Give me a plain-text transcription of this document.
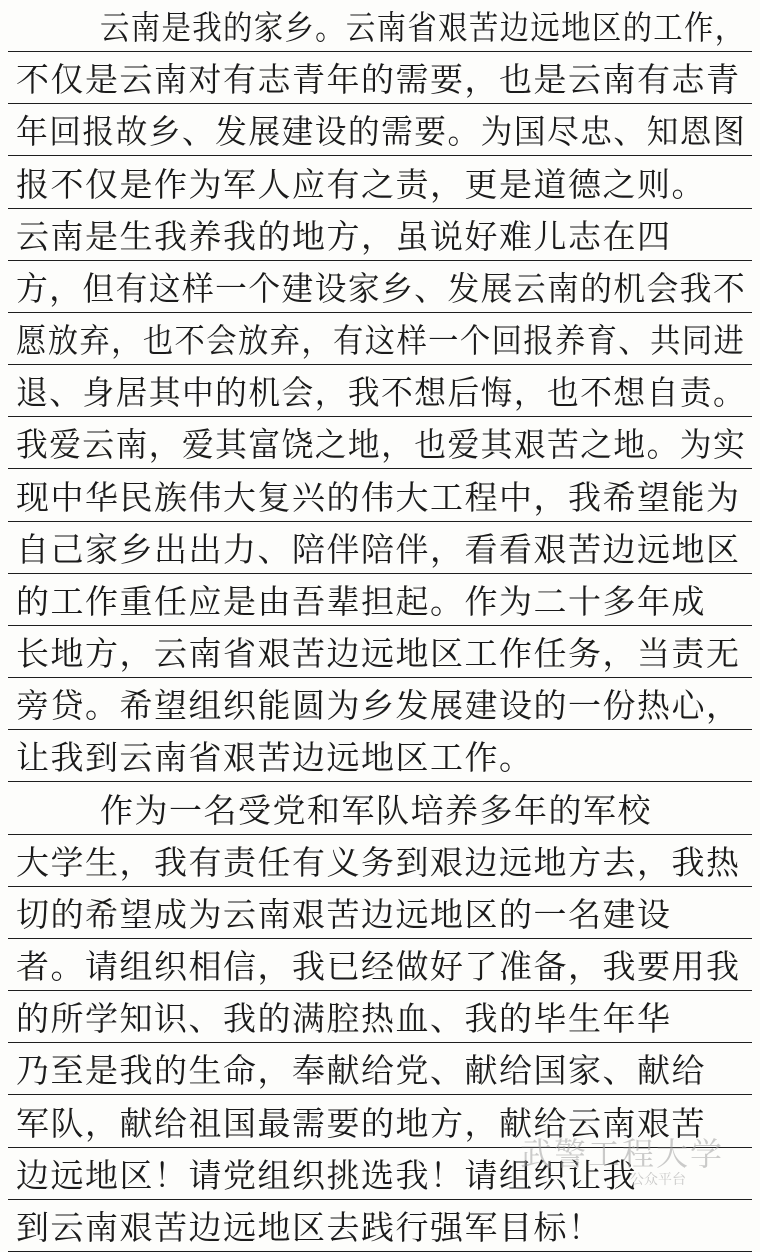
云南是我的家乡。云南省艰苦边远地区的工作，
不仅是云南对有志青年的需要，也是云南有志青
年回报故乡、发展建设的需要。为国尽忠、知恩图
报不仅是作为军人应有之责，更是道德之则。
云南是生我养我的地方，虽说好难儿志在四
方，但有这样一个建设家乡、发展云南的机会我不
愿放弃，也不会放弃，有这样一个回报养育、共同进
退、身居其中的机会，我不想后悔，也不想自责。
我爱云南，爱其富饶之地，也爱其艰苦之地。为实
现中华民族伟大复兴的伟大工程中，我希望能为
自己家乡出出力、陪伴陪伴，看看艰苦边远地区
的工作重任应是由吾辈担起。作为二十多年成
长地方，云南省艰苦边远地区工作任务，当责无
旁贷。希望组织能圆为乡发展建设的一份热心，
让我到云南省艰苦边远地区工作。
作为一名受党和军队培养多年的军校
大学生，我有责任有义务到艰边远地方去，我热
切的希望成为云南艰苦边远地区的一名建设
者。请组织相信，我已经做好了准备，我要用我
的所学知识、我的满腔热血、我的毕生年华
乃至是我的生命，奉献给党、献给国家、献给
军队，献给祖国最需要的地方，献给云南艰苦
边远地区！请党组织挑选我！请组织让我
到云南艰苦边远地区去践行强军目标！
武警工程大学
公众平台
